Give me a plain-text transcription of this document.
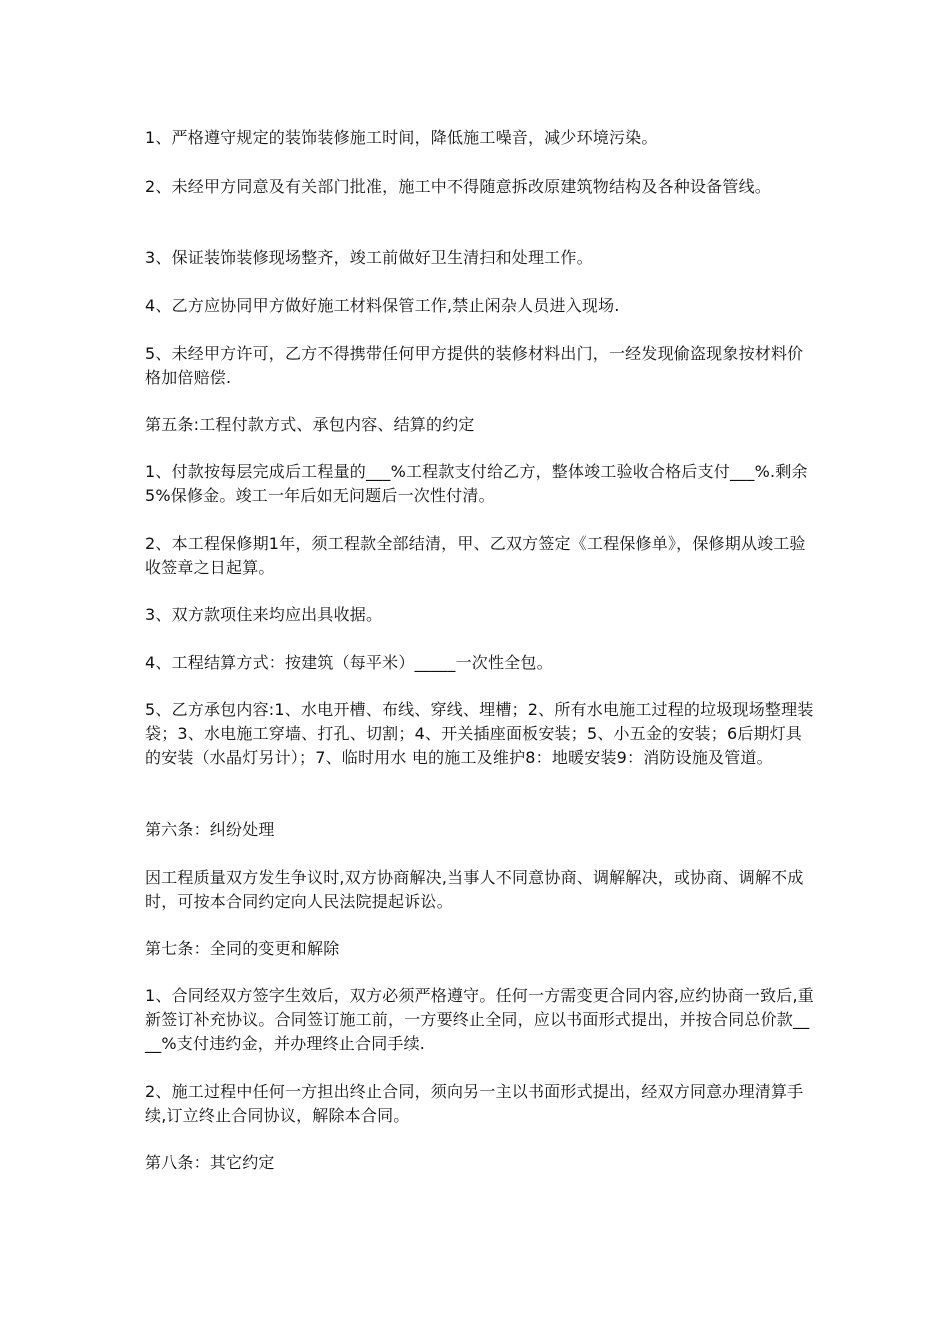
1、严格遵守规定的装饰装修施工时间，降低施工噪音，减少环境污染。

2、未经甲方同意及有关部门批准，施工中不得随意拆改原建筑物结构及各种设备管线。

3、保证装饰装修现场整齐，竣工前做好卫生清扫和处理工作。

4、乙方应协同甲方做好施工材料保管工作,禁止闲杂人员进入现场.

5、未经甲方许可，乙方不得携带任何甲方提供的装修材料出门，一经发现偷盗现象按材料价格加倍赔偿.

第五条:工程付款方式、承包内容、结算的约定

1、付款按每层完成后工程量的___%工程款支付给乙方，整体竣工验收合格后支付___%.剩余5%保修金。竣工一年后如无问题后一次性付清。

2、本工程保修期1年，须工程款全部结清，甲、乙双方签定《工程保修单》，保修期从竣工验收签章之日起算。

3、双方款项住来均应出具收据。

4、工程结算方式：按建筑（每平米）_____一次性全包。

5、乙方承包内容:1、水电开槽、布线、穿线、埋槽；2、所有水电施工过程的垃圾现场整理装袋；3、水电施工穿墙、打孔、切割；4、开关插座面板安装；5、小五金的安装；6后期灯具的安装（水晶灯另计）；7、临时用水 电的施工及维护8：地暖安装9：消防设施及管道。

第六条：纠纷处理

因工程质量双方发生争议时,双方协商解决,当事人不同意协商、调解解决，或协商、调解不成时，可按本合同约定向人民法院提起诉讼。

第七条：全同的变更和解除

1、合同经双方签字生效后，双方必须严格遵守。任何一方需变更合同内容,应约协商一致后,重新签订补充协议。合同签订施工前，一方要终止全同，应以书面形式提出，并按合同总价款____%支付违约金，并办理终止合同手续.

2、施工过程中任何一方担出终止合同，须向另一主以书面形式提出，经双方同意办理清算手续,订立终止合同协议，解除本合同。

第八条：其它约定
